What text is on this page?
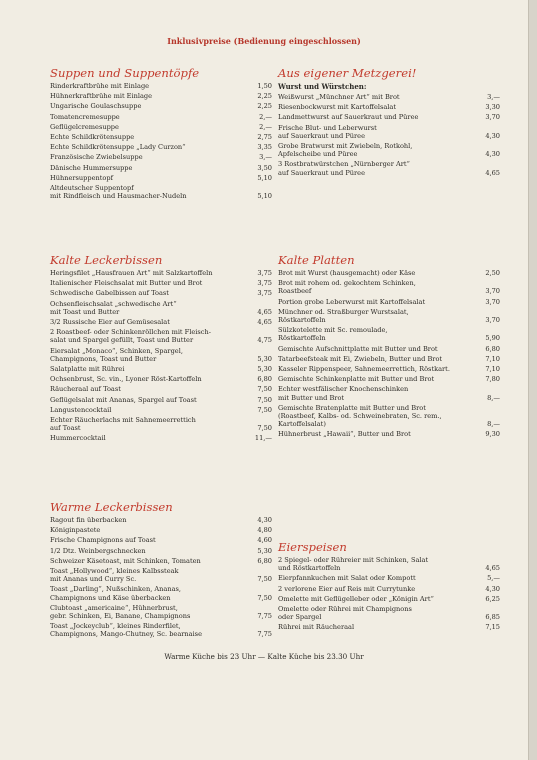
Inklusivpreise (Bedienung eingeschlossen)
Suppen und Suppentöpfe
Rinderkraftbrühe mit Einlage	1,50
Hühnerkraftbrühe mit Einlage	2,25
Ungarische Goulaschsuppe	2,25
Tomatencremesuppe	2,—
Geflügelcremesuppe	2,—
Echte Schildkrötensuppe	2,75
Echte Schildkrötensuppe „Lady Curzon“	3,35
Französische Zwiebelsuppe	3,—
Dänische Hummersuppe	3,50
Hühnersuppentopf	5,10
Altdeutscher Suppentopf
mit Rindfleisch und Hausmacher-Nudeln	5,10
Kalte Leckerbissen
Heringsfilet „Hausfrauen Art“ mit Salzkartoffeln	3,75
Italienischer Fleischsalat mit Butter und Brot	3,75
Schwedische Gabelbissen auf Toast	3,75
Ochsenfleischsalat „schwedische Art“
mit Toast und Butter	4,65
3/2 Russische Eier auf Gemüsesalat	4,65
2 Roastbeef- oder Schinkenröllchen mit Fleisch-
salat und Spargel gefüllt, Toast und Butter	4,75
Eiersalat „Monaco“, Schinken, Spargel,
Champignons, Toast und Butter	5,30
Salatplatte mit Rührei	5,30
Ochsenbrust, Sc. vin., Lyoner Röst-Kartoffeln	6,80
Räucheraal auf Toast	7,50
Geflügelsalat mit Ananas, Spargel auf Toast	7,50
Langustencocktail	7,50
Echter Räucherlachs mit Sahnemeerrettich
auf Toast	7,50
Hummercocktail	11,—
Warme Leckerbissen
Ragout fin überbacken	4,30
Königinpastete	4,80
Frische Champignons auf Toast	4,60
1/2 Dtz. Weinbergschnecken	5,30
Schweizer Käsetoast, mit Schinken, Tomaten	6,80
Toast „Hollywood“, kleines Kalbssteak
mit Ananas und Curry Sc.	7,50
Toast „Darling“, Nußschinken, Ananas,
Champignons und Käse überbacken	7,50
Clubtoast „americaine“, Hühnerbrust,
gebr. Schinken, Ei, Banane, Champignons	7,75
Toast „Jockeyclub“, kleines Rinderfilet,
Champignons, Mango-Chutney, Sc. bearnaise	7,75
Aus eigener Metzgerei!
Wurst und Würstchen:
Weißwurst „Münchner Art“ mit Brot	3,—
Riesenbockwurst mit Kartoffelsalat	3,30
Landmettwurst auf Sauerkraut und Püree	3,70
Frische Blut- und Leberwurst
auf Sauerkraut und Püree	4,30
Grobe Bratwurst mit Zwiebeln, Rotkohl,
Apfelscheibe und Püree	4,30
3 Rostbratwürstchen „Nürnberger Art“
auf Sauerkraut und Püree	4,65
Kalte Platten
Brot mit Wurst (hausgemacht) oder Käse	2,50
Brot mit rohem od. gekochtem Schinken,
Roastbeef	3,70
Portion grobe Leberwurst mit Kartoffelsalat	3,70
Münchner od. Straßburger Wurstsalat,
Röstkartoffeln	3,70
Sülzkotelette mit Sc. remoulade,
Röstkartoffeln	5,90
Gemischte Aufschnittplatte mit Butter und Brot	6,80
Tatarbeefsteak mit Ei, Zwiebeln, Butter und Brot	7,10
Kasseler Rippenspeer, Sahnemeerrettich, Röstkart.	7,10
Gemischte Schinkenplatte mit Butter und Brot	7,80
Echter westfälischer Knochenschinken
mit Butter und Brot	8,—
Gemischte Bratenplatte mit Butter und Brot
(Roastbeef, Kalbs- od. Schweinebraten, Sc. rem.,
Kartoffelsalat)	8,—
Hühnerbrust „Hawaii“, Butter und Brot	9,30
Eierspeisen
2 Spiegel- oder Rühreier mit Schinken, Salat
und Röstkartoffeln	4,65
Eierpfannkuchen mit Salat oder Kompott	5,—
2 verlorene Eier auf Reis mit Currytunke	4,30
Omelette mit Geflügelleber oder „Königin Art“	6,25
Omelette oder Rührei mit Champignons
oder Spargel	6,85
Rührei mit Räucheraal	7,15
Warme Küche bis 23 Uhr — Kalte Küche bis 23.30 Uhr
